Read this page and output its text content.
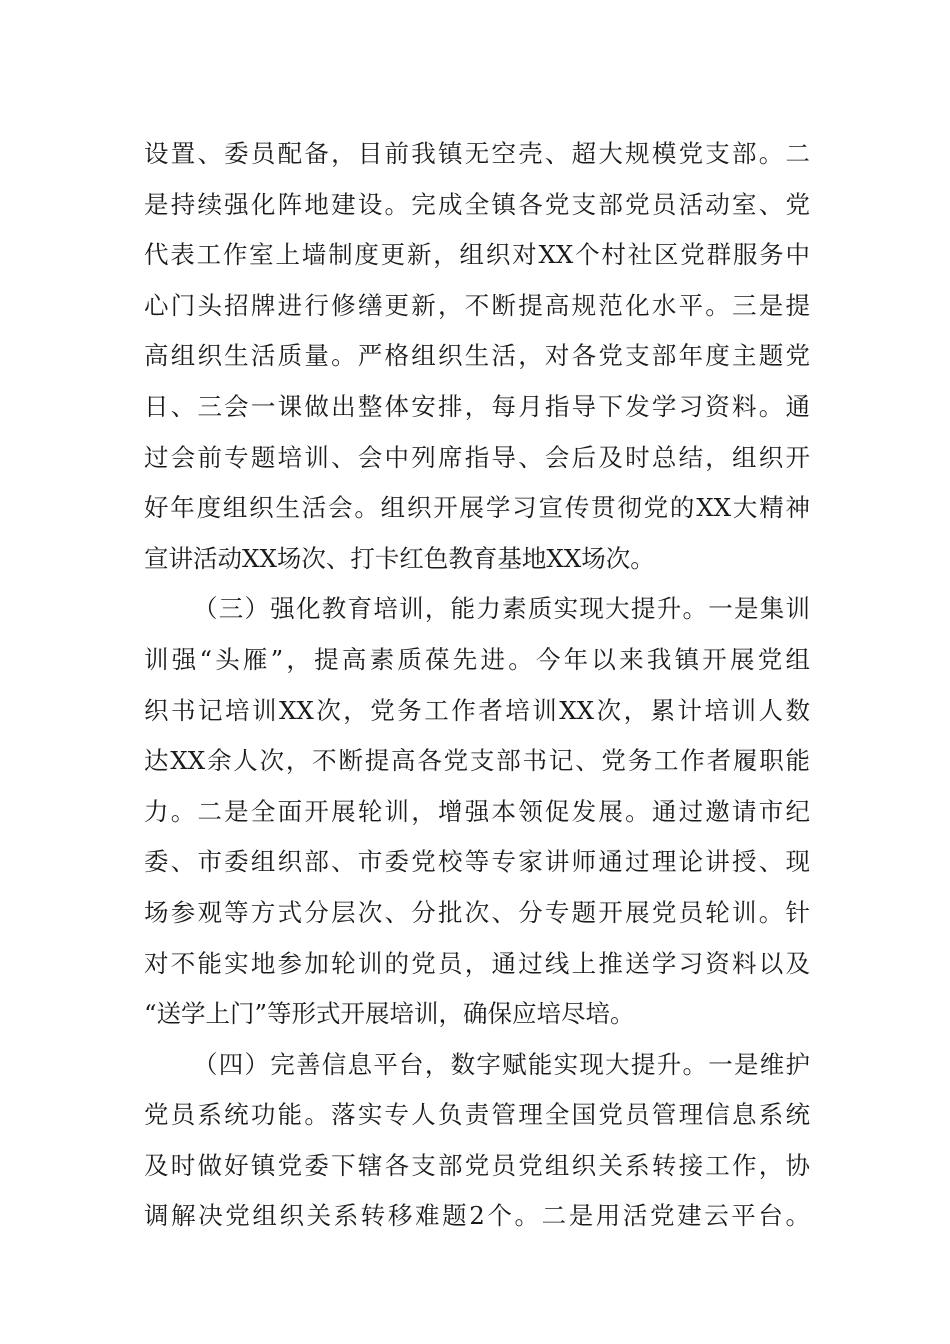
设置、委员配备，目前我镇无空壳、超大规模党支部。二
是持续强化阵地建设。完成全镇各党支部党员活动室、党
代表工作室上墙制度更新，组织对XX个村社区党群服务中
心门头招牌进行修缮更新，不断提高规范化水平。三是提
高组织生活质量。严格组织生活，对各党支部年度主题党
日、三会一课做出整体安排，每月指导下发学习资料。通
过会前专题培训、会中列席指导、会后及时总结，组织开
好年度组织生活会。组织开展学习宣传贯彻党的XX大精神
宣讲活动XX场次、打卡红色教育基地XX场次。
（三）强化教育培训，能力素质实现大提升。一是集训
训强“头雁”，提高素质葆先进。今年以来我镇开展党组
织书记培训XX次，党务工作者培训XX次，累计培训人数
达XX余人次，不断提高各党支部书记、党务工作者履职能
力。二是全面开展轮训，增强本领促发展。通过邀请市纪
委、市委组织部、市委党校等专家讲师通过理论讲授、现
场参观等方式分层次、分批次、分专题开展党员轮训。针
对不能实地参加轮训的党员，通过线上推送学习资料以及
“送学上门”等形式开展培训，确保应培尽培。
（四）完善信息平台，数字赋能实现大提升。一是维护
党员系统功能。落实专人负责管理全国党员管理信息系统
及时做好镇党委下辖各支部党员党组织关系转接工作，协
调解决党组织关系转移难题2个。二是用活党建云平台。
